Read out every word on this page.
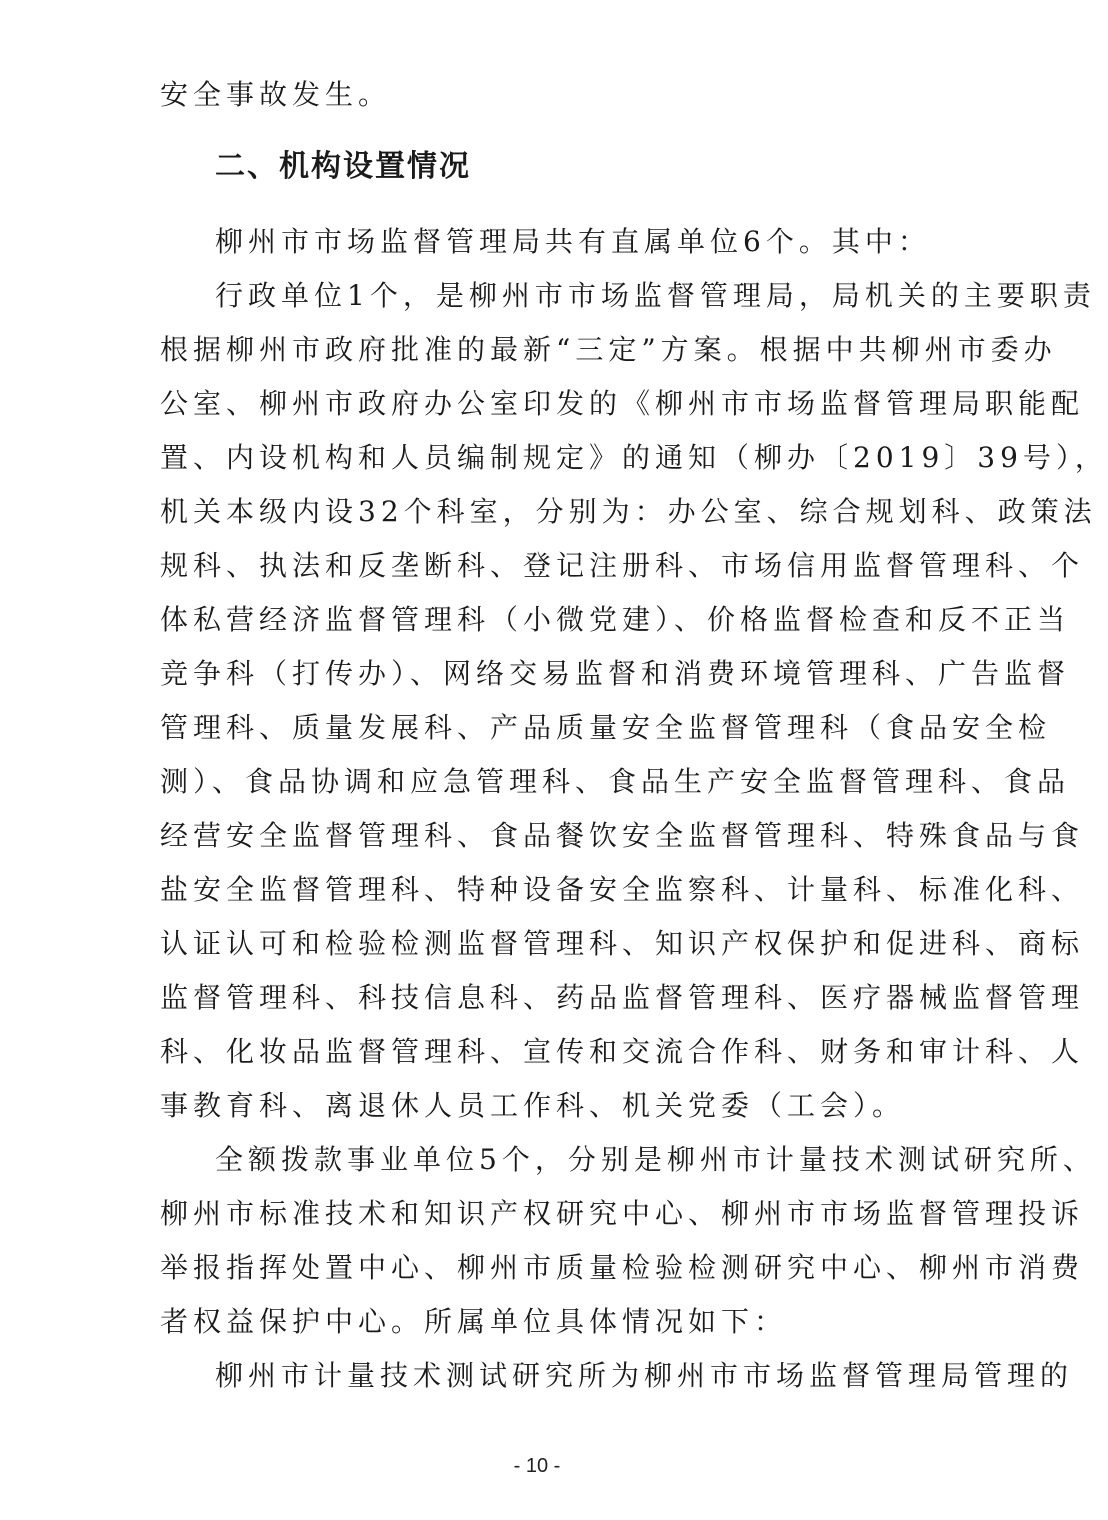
安全事故发生。
二、机构设置情况
柳州市市场监督管理局共有直属单位6个。其中：
行政单位1个，是柳州市市场监督管理局，局机关的主要职责
根据柳州市政府批准的最新“三定”方案。根据中共柳州市委办
公室、柳州市政府办公室印发的《柳州市市场监督管理局职能配
置、内设机构和人员编制规定》的通知（柳办〔2019〕39号），
机关本级内设32个科室，分别为：办公室、综合规划科、政策法
规科、执法和反垄断科、登记注册科、市场信用监督管理科、个
体私营经济监督管理科（小微党建）、价格监督检查和反不正当
竞争科（打传办）、网络交易监督和消费环境管理科、广告监督
管理科、质量发展科、产品质量安全监督管理科（食品安全检
测）、食品协调和应急管理科、食品生产安全监督管理科、食品
经营安全监督管理科、食品餐饮安全监督管理科、特殊食品与食
盐安全监督管理科、特种设备安全监察科、计量科、标准化科、
认证认可和检验检测监督管理科、知识产权保护和促进科、商标
监督管理科、科技信息科、药品监督管理科、医疗器械监督管理
科、化妆品监督管理科、宣传和交流合作科、财务和审计科、人
事教育科、离退休人员工作科、机关党委（工会）。
全额拨款事业单位5个，分别是柳州市计量技术测试研究所、
柳州市标准技术和知识产权研究中心、柳州市市场监督管理投诉
举报指挥处置中心、柳州市质量检验检测研究中心、柳州市消费
者权益保护中心。所属单位具体情况如下：
柳州市计量技术测试研究所为柳州市市场监督管理局管理的
- 10 -
